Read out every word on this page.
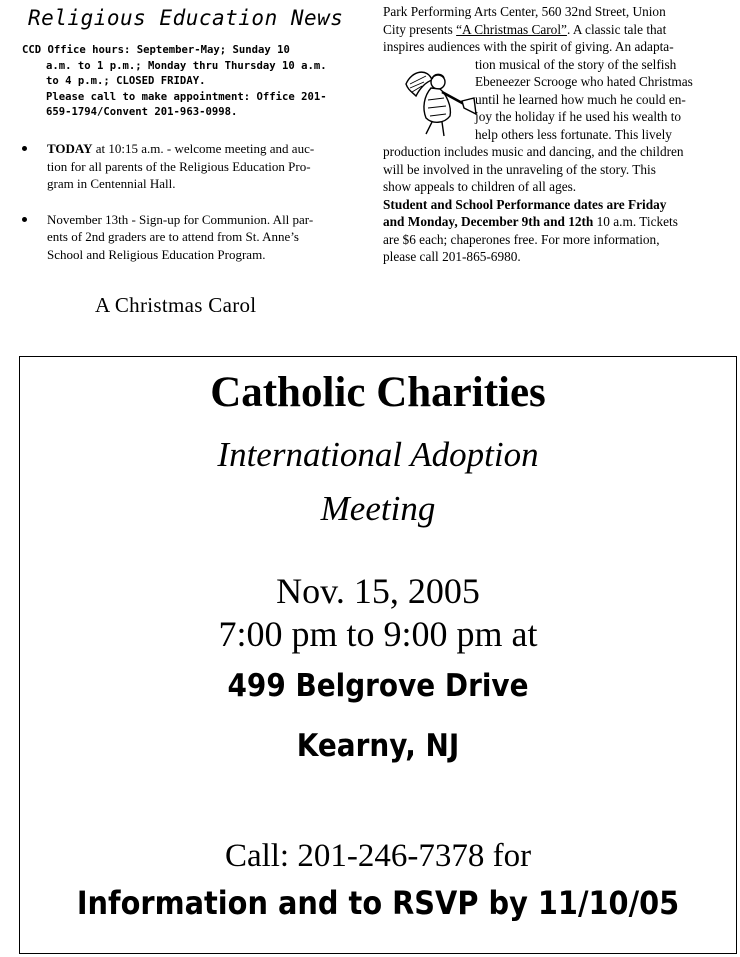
Religious Education News
CCD Office hours: September-May; Sunday 10
a.m. to 1 p.m.; Monday thru Thursday 10 a.m.
to 4 p.m.; CLOSED FRIDAY.
Please call to make appointment: Office 201-
659-1794/Convent 201-963-0998.
TODAY at 10:15 a.m. - welcome meeting and auc-
tion for all parents of the Religious Education Pro-
gram in Centennial Hall.
November 13th - Sign-up for Communion. All par-
ents of 2nd graders are to attend from St. Anne’s
School and Religious Education Program.
A Christmas Carol
Park Performing Arts Center, 560 32nd Street, Union
City presents “A Christmas Carol”. A classic tale that
inspires audiences with the spirit of giving. An adapta-
tion musical of the story of the selfish
Ebeneezer Scrooge who hated Christmas
until he learned how much he could en-
joy the holiday if he used his wealth to
help others less fortunate. This lively
production includes music and dancing, and the children
will be involved in the unraveling of the story. This
show appeals to children of all ages.
Student and School Performance dates are Friday
and Monday, December 9th and 12th 10 a.m. Tickets
are $6 each; chaperones free. For more information,
please call 201-865-6980.
Catholic Charities
International Adoption
Meeting
Nov. 15, 2005
7:00 pm to 9:00 pm at
499 Belgrove Drive
Kearny, NJ
Call: 201-246-7378 for
Information and to RSVP by 11/10/05
